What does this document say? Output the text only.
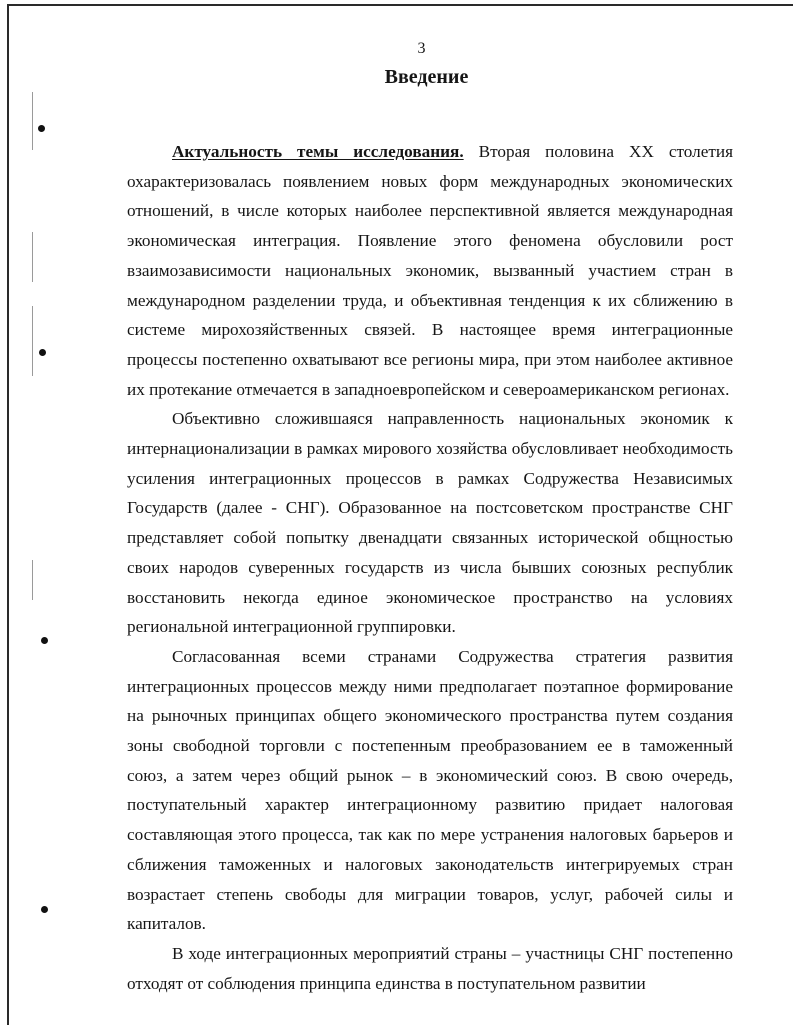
3
Введение

Актуальность темы исследования. Вторая половина XX столетия охарактеризовалась появлением новых форм международных экономических отношений, в числе которых наиболее перспективной является международная экономическая интеграция. Появление этого феномена обусловили рост взаимозависимости национальных экономик, вызванный участием стран в международном разделении труда, и объективная тенденция к их сближению в системе мирохозяйственных связей. В настоящее время интеграционные процессы постепенно охватывают все регионы мира, при этом наиболее активное их протекание отмечается в западноевропейском и североамериканском регионах.

Объективно сложившаяся направленность национальных экономик к интернационализации в рамках мирового хозяйства обусловливает необходимость усиления интеграционных процессов в рамках Содружества Независимых Государств (далее - СНГ). Образованное на постсоветском пространстве СНГ представляет собой попытку двенадцати связанных исторической общностью своих народов суверенных государств из числа бывших союзных республик восстановить некогда единое экономическое пространство на условиях региональной интеграционной группировки.

Согласованная всеми странами Содружества стратегия развития интеграционных процессов между ними предполагает поэтапное формирование на рыночных принципах общего экономического пространства путем создания зоны свободной торговли с постепенным преобразованием ее в таможенный союз, а затем через общий рынок – в экономический союз. В свою очередь, поступательный характер интеграционному развитию придает налоговая составляющая этого процесса, так как по мере устранения налоговых барьеров и сближения таможенных и налоговых законодательств интегрируемых стран возрастает степень свободы для миграции товаров, услуг, рабочей силы и капиталов.

В ходе интеграционных мероприятий страны – участницы СНГ постепенно отходят от соблюдения принципа единства в поступательном развитии
